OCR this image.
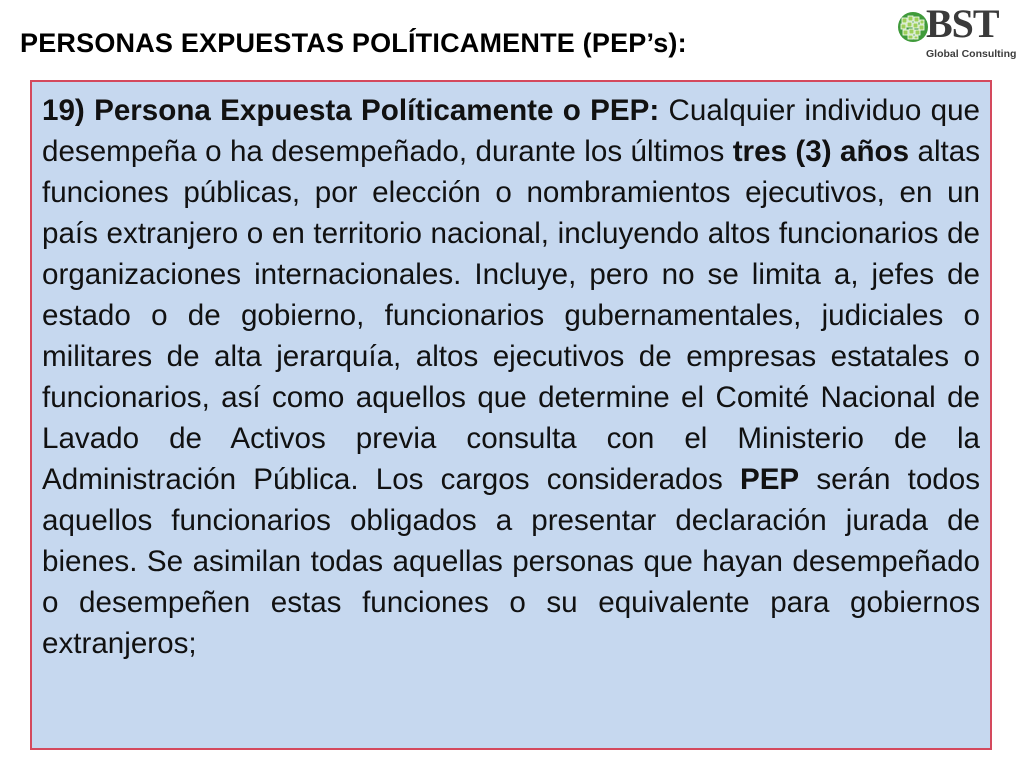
PERSONAS EXPUESTAS POLÍTICAMENTE (PEP’s):	BST
Global Consulting

19) Persona Expuesta Políticamente o PEP: Cualquier individuo que desempeña o ha desempeñado, durante los últimos tres (3) años altas funciones públicas, por elección o nombramientos ejecutivos, en un país extranjero o en territorio nacional, incluyendo altos funcionarios de organizaciones internacionales. Incluye, pero no se limita a, jefes de estado o de gobierno, funcionarios gubernamentales, judiciales o militares de alta jerarquía, altos ejecutivos de empresas estatales o funcionarios, así como aquellos que determine el Comité Nacional de Lavado de Activos previa consulta con el Ministerio de la Administración Pública. Los cargos considerados PEP serán todos aquellos funcionarios obligados a presentar declaración jurada de bienes. Se asimilan todas aquellas personas que hayan desempeñado o desempeñen estas funciones o su equivalente para gobiernos extranjeros;
